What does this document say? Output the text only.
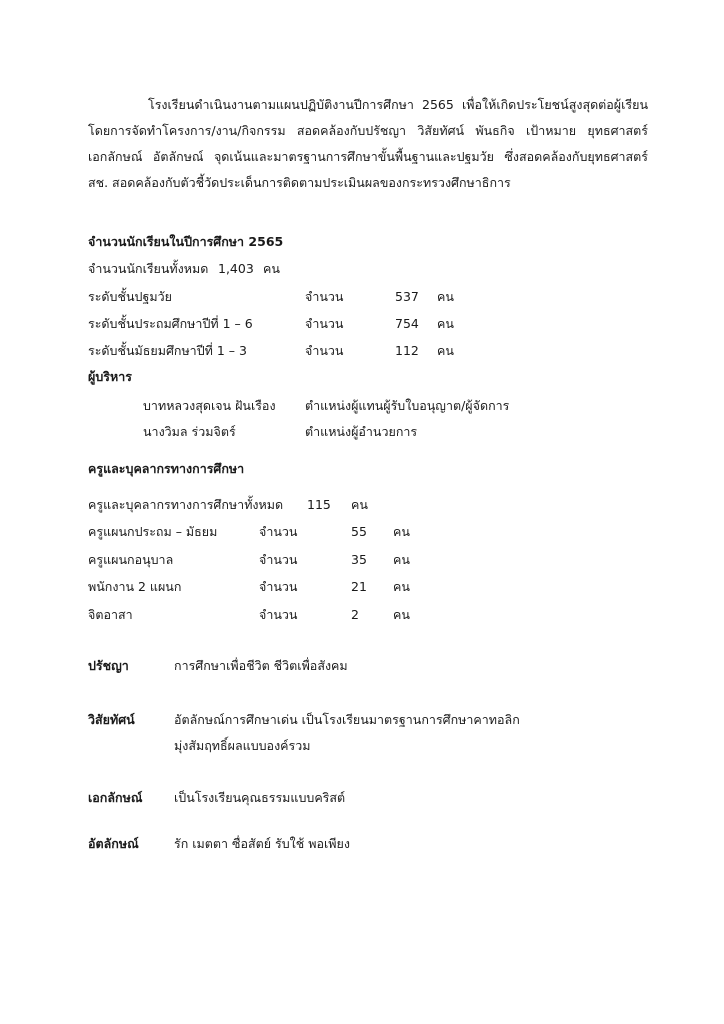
โรงเรียนดำเนินงานตามแผนปฏิบัติงานปีการศึกษา 2565 เพื่อให้เกิดประโยชน์สูงสุดต่อผู้เรียน โดยการจัดทำโครงการ/งาน/กิจกรรม สอดคล้องกับปรัชญา วิสัยทัศน์ พันธกิจ เป้าหมาย ยุทธศาสตร์ เอกลักษณ์ อัตลักษณ์ จุดเน้นและมาตรฐานการศึกษาขั้นพื้นฐานและปฐมวัย ซึ่งสอดคล้องกับยุทธศาสตร์ สช. สอดคล้องกับตัวชี้วัดประเด็นการติดตามประเมินผลของกระทรวงศึกษาธิการ

จำนวนนักเรียนในปีการศึกษา 2565
จำนวนนักเรียนทั้งหมด 1,403 คน
ระดับชั้นปฐมวัย	จำนวน	537 คน
ระดับชั้นประถมศึกษาปีที่ 1 – 6	จำนวน	754 คน
ระดับชั้นมัธยมศึกษาปีที่ 1 – 3	จำนวน	112 คน
ผู้บริหาร
บาทหลวงสุดเจน ฝันเรือง ตำแหน่งผู้แทนผู้รับใบอนุญาต/ผู้จัดการ
นางวิมล ร่วมจิตร์	ตำแหน่งผู้อำนวยการ
ครูและบุคลากรทางการศึกษา
ครูและบุคลากรทางการศึกษาทั้งหมด 115 คน
ครูแผนกประถม – มัธยม	จำนวน	55 คน
ครูแผนกอนุบาล	จำนวน	35 คน
พนักงาน 2 แผนก	จำนวน	21 คน
จิตอาสา	จำนวน	2	คน
ปรัชญา	การศึกษาเพื่อชีวิต ชีวิตเพื่อสังคม
วิสัยทัศน์	อัตลักษณ์การศึกษาเด่น เป็นโรงเรียนมาตรฐานการศึกษาคาทอลิก
มุ่งสัมฤทธิ์ผลแบบองค์รวม
เอกลักษณ์	เป็นโรงเรียนคุณธรรมแบบคริสต์
อัตลักษณ์	รัก เมตตา ซื่อสัตย์ รับใช้ พอเพียง
